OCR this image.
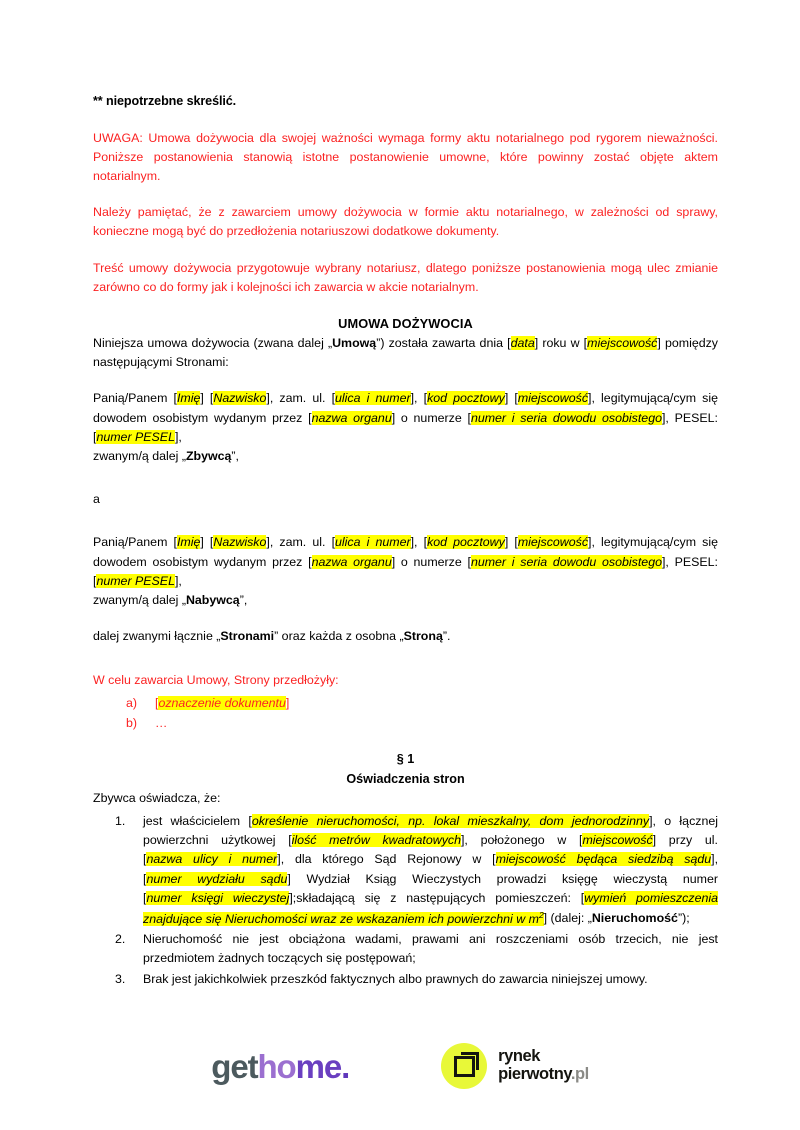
** niepotrzebne skreślić.

UWAGA: Umowa dożywocia dla swojej ważności wymaga formy aktu notarialnego pod rygorem nieważności. Poniższe postanowienia stanowią istotne postanowienie umowne, które powinny zostać objęte aktem notarialnym.

Należy pamiętać, że z zawarciem umowy dożywocia w formie aktu notarialnego, w zależności od sprawy, konieczne mogą być do przedłożenia notariuszowi dodatkowe dokumenty.

Treść umowy dożywocia przygotowuje wybrany notariusz, dlatego poniższe postanowienia mogą ulec zmianie zarówno co do formy jak i kolejności ich zawarcia w akcie notarialnym.

UMOWA DOŻYWOCIA

Niniejsza umowa dożywocia (zwana dalej „Umową”) została zawarta dnia [data] roku w [miejscowość] pomiędzy następującymi Stronami:

Panią/Panem [Imię] [Nazwisko], zam. ul. [ulica i numer], [kod pocztowy] [miejscowość], legitymującą/cym się dowodem osobistym wydanym przez [nazwa organu] o numerze [numer i seria dowodu osobistego], PESEL: [numer PESEL],

zwanym/ą dalej „Zbywcą”,

a

Panią/Panem [Imię] [Nazwisko], zam. ul. [ulica i numer], [kod pocztowy] [miejscowość], legitymującą/cym się dowodem osobistym wydanym przez [nazwa organu] o numerze [numer i seria dowodu osobistego], PESEL: [numer PESEL],

zwanym/ą dalej „Nabywcą”,

dalej zwanymi łącznie „Stronami” oraz każda z osobna „Stroną”.

W celu zawarcia Umowy, Strony przedłożyły:

a)	[oznaczenie dokumentu]
b)	…

§ 1

Oświadczenia stron

Zbywca oświadcza, że:

1.	jest właścicielem [określenie nieruchomości, np. lokal mieszkalny, dom jednorodzinny], o łącznej powierzchni użytkowej [ilość metrów kwadratowych], położonego w [miejscowość] przy ul. [nazwa ulicy i numer], dla którego Sąd Rejonowy w [miejscowość będąca siedzibą sądu], [numer wydziału sądu] Wydział Ksiąg Wieczystych prowadzi księgę wieczystą numer [numer księgi wieczystej];składającą się z następujących pomieszczeń: [wymień pomieszczenia znajdujące się Nieruchomości wraz ze wskazaniem ich powierzchni w $m^2$] (dalej: „Nieruchomość”);
2.	Nieruchomość nie jest obciążona wadami, prawami ani roszczeniami osób trzecich, nie jest przedmiotem żadnych toczących się postępowań;
3.	Brak jest jakichkolwiek przeszkód faktycznych albo prawnych do zawarcia niniejszej umowy.
gethome.	rynek
pierwotny.pl
